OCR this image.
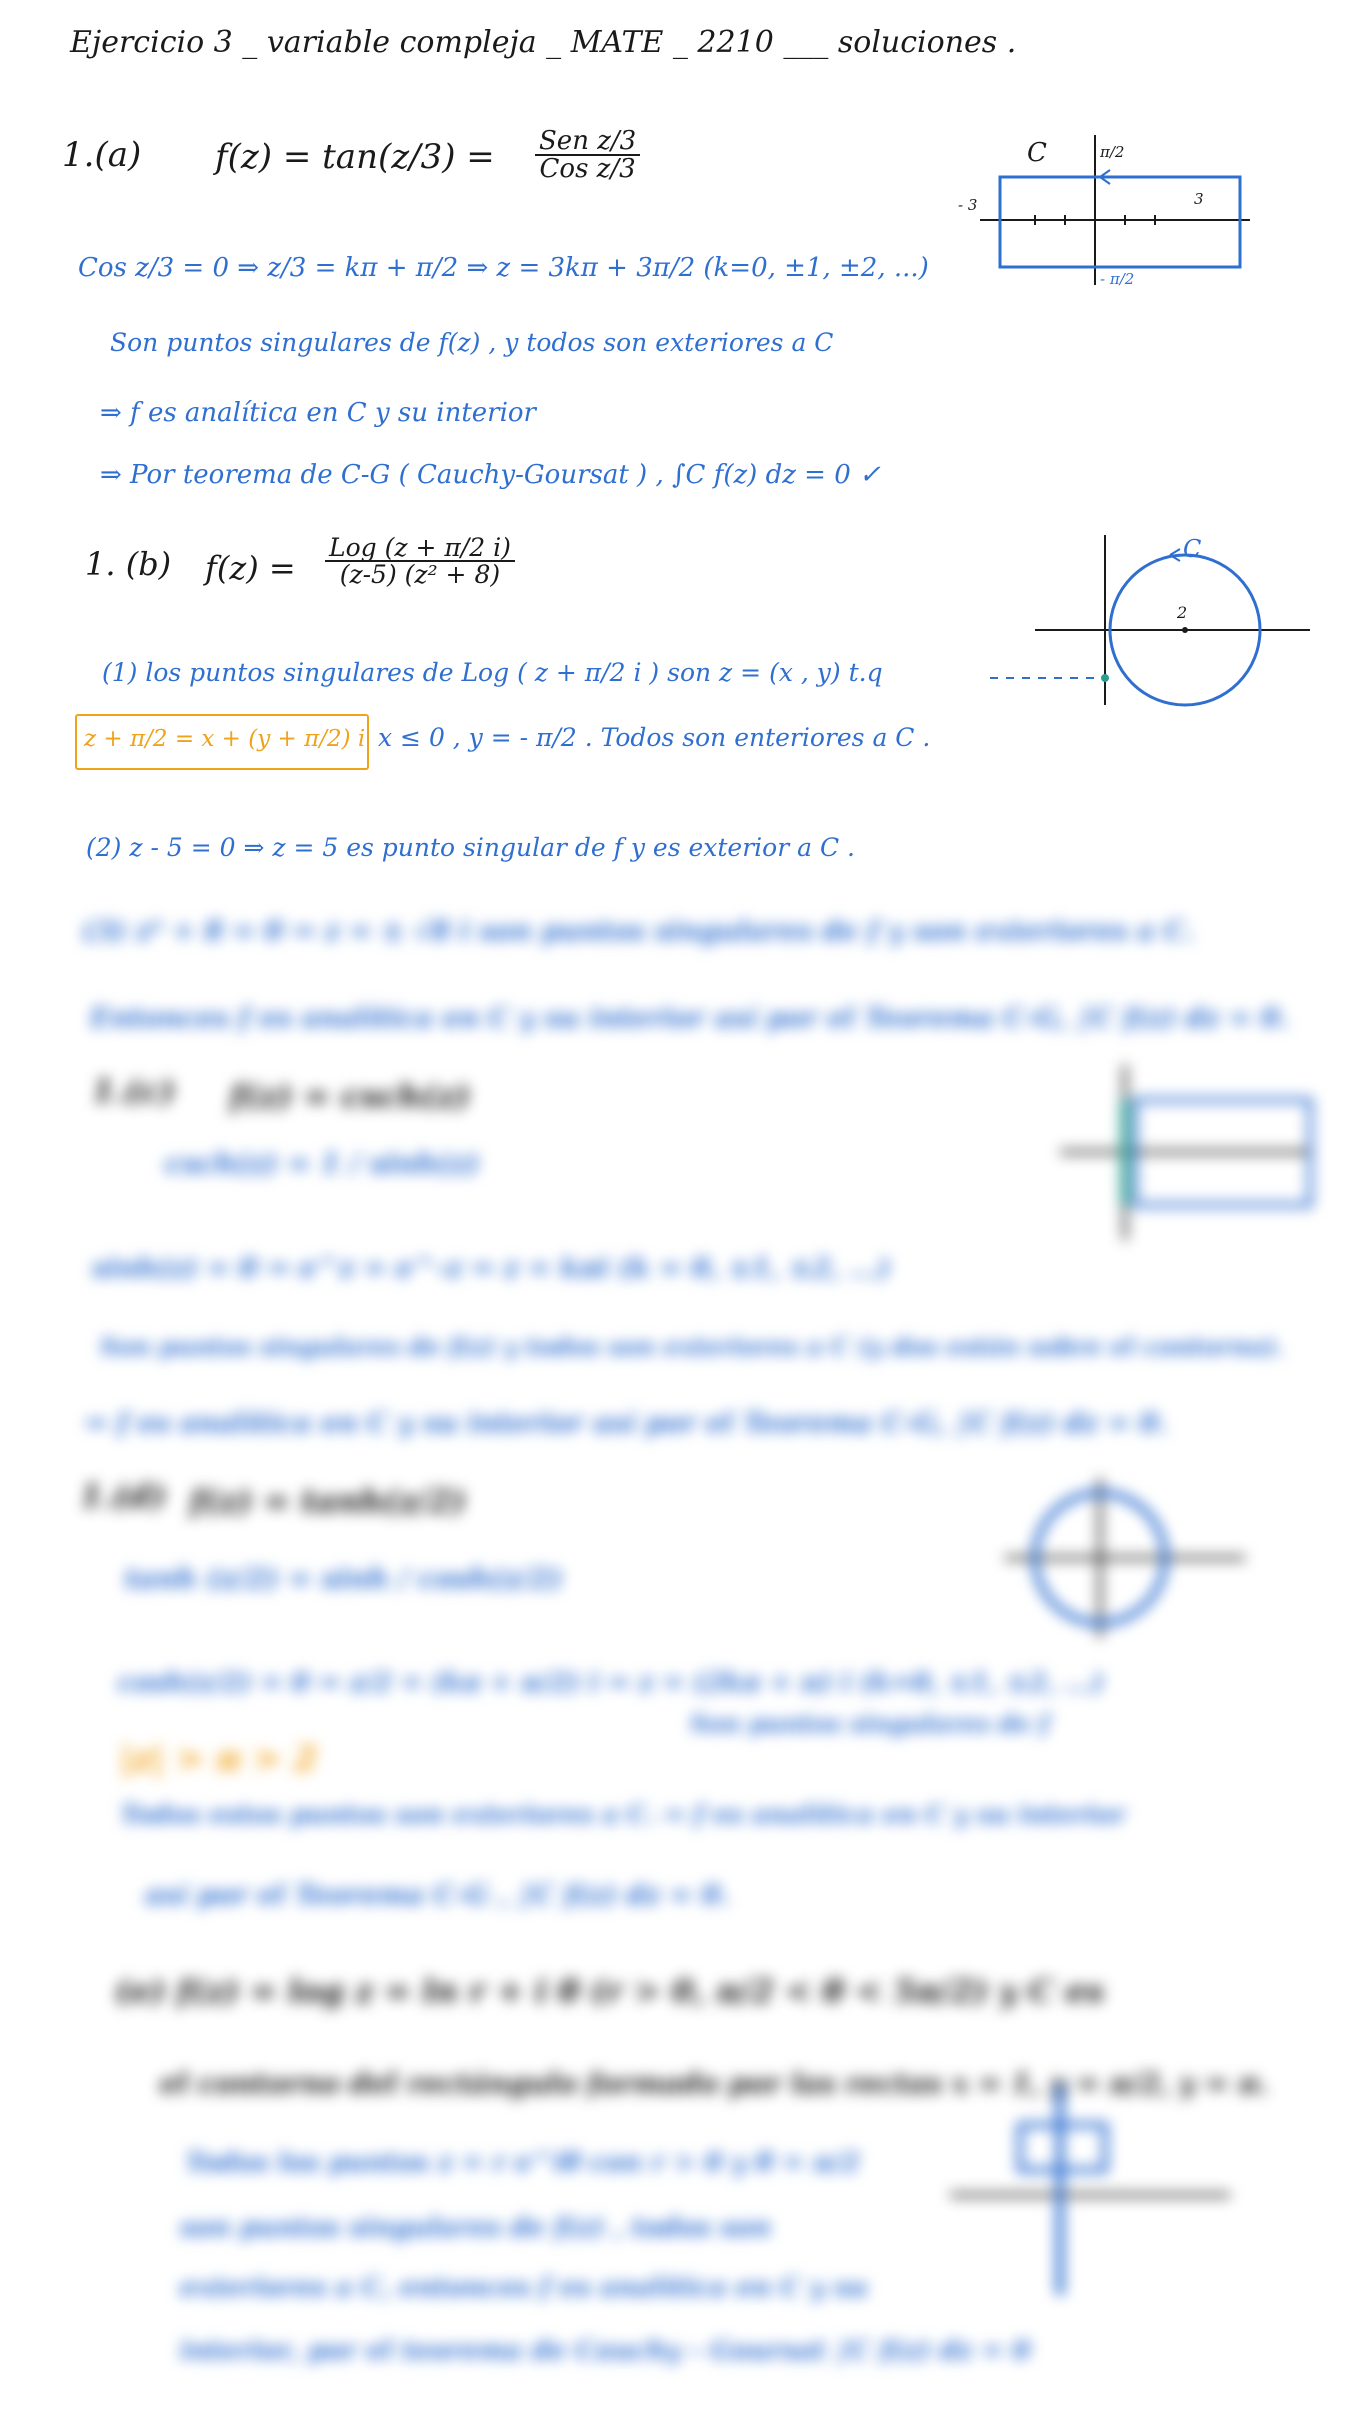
Ejercicio 3 _ variable compleja _ MATE _ 2210 ___ soluciones .
1.(a) $f(z) = \tan(z/3) = \frac{\text{Sen z/3}}{\text{Cos z/3}}$
Cos z/3 = 0 ⇒ z/3 = kπ + π/2 ⇒ z = 3kπ + 3π/2 (k=0, ±1, ±2, ...)
Son puntos singulares de f(z) , y todos son exteriores a C
⇒ f es analítica en C y su interior
⇒ Por teorema de C-G ( Cauchy-Goursat ) , ∫C f(z) dz = 0 ✓
C	π/2
- π/2
- 3	3
1. (b) $f(z) = \frac{\text{Log (z + π/2 i)}}{\text{(z-5) (z² + 8)}}$
(1) los puntos singulares de Log ( z + π/2 i ) son z = (x , y) t.q
z + π/2 = x + (y + π/2) i x ≤ 0 , y = - π/2 . Todos son enteriores a C .
(2) z - 5 = 0 ⇒ z = 5 es punto singular de f y es exterior a C .
C
2
(3) z² + 8 = 0 ⇒ z = ± √8 i son puntos singulares de f y son exteriores a C.
Entonces f es analítica en C y su interior así por el Teorema C-G, ∫C f(z) dz = 0.
1.(c) f(z) = csch(z)
csch(z) = 1 / sinh(z)
sinh(z) = 0 ⇒ e^z = e^-z ⇒ z = kπi (k = 0, ±1, ±2, ...)
Son puntos singulares de f(z) y todos son exteriores a C (y dos están sobre el contorno).
⇒ f es analítica en C y su interior así por el Teorema C-G, ∫C f(z) dz = 0.
1.(d) f(z) = tanh(z/2)
tanh (z/2) = sinh / cosh(z/2)
cosh(z/2) = 0 ⇒ z/2 = (kπ + π/2) i ⇒ z = (2kπ + π) i (k=0, ±1, ±2, ...)
Son puntos singulares de f
|z| > π > 2
Todos estos puntos son exteriores a C. ⇒ f es analítica en C y su interior
así por el Teorema C-G , ∫C f(z) dz = 0.
(e) f(z) = log z = ln r + i θ (r > 0, π/2 < θ < 5π/2) y C es
el contorno del rectángulo formado por las rectas x = 1, y = π/2, y = π.
Todos los puntos z = r e^iθ con r > 0 y θ = π/2
son puntos singulares de f(z) , todos son
exteriores a C, entonces f es analítica en C y su
interior, por el teorema de Cauchy - Goursat ∫C f(z) dz = 0
